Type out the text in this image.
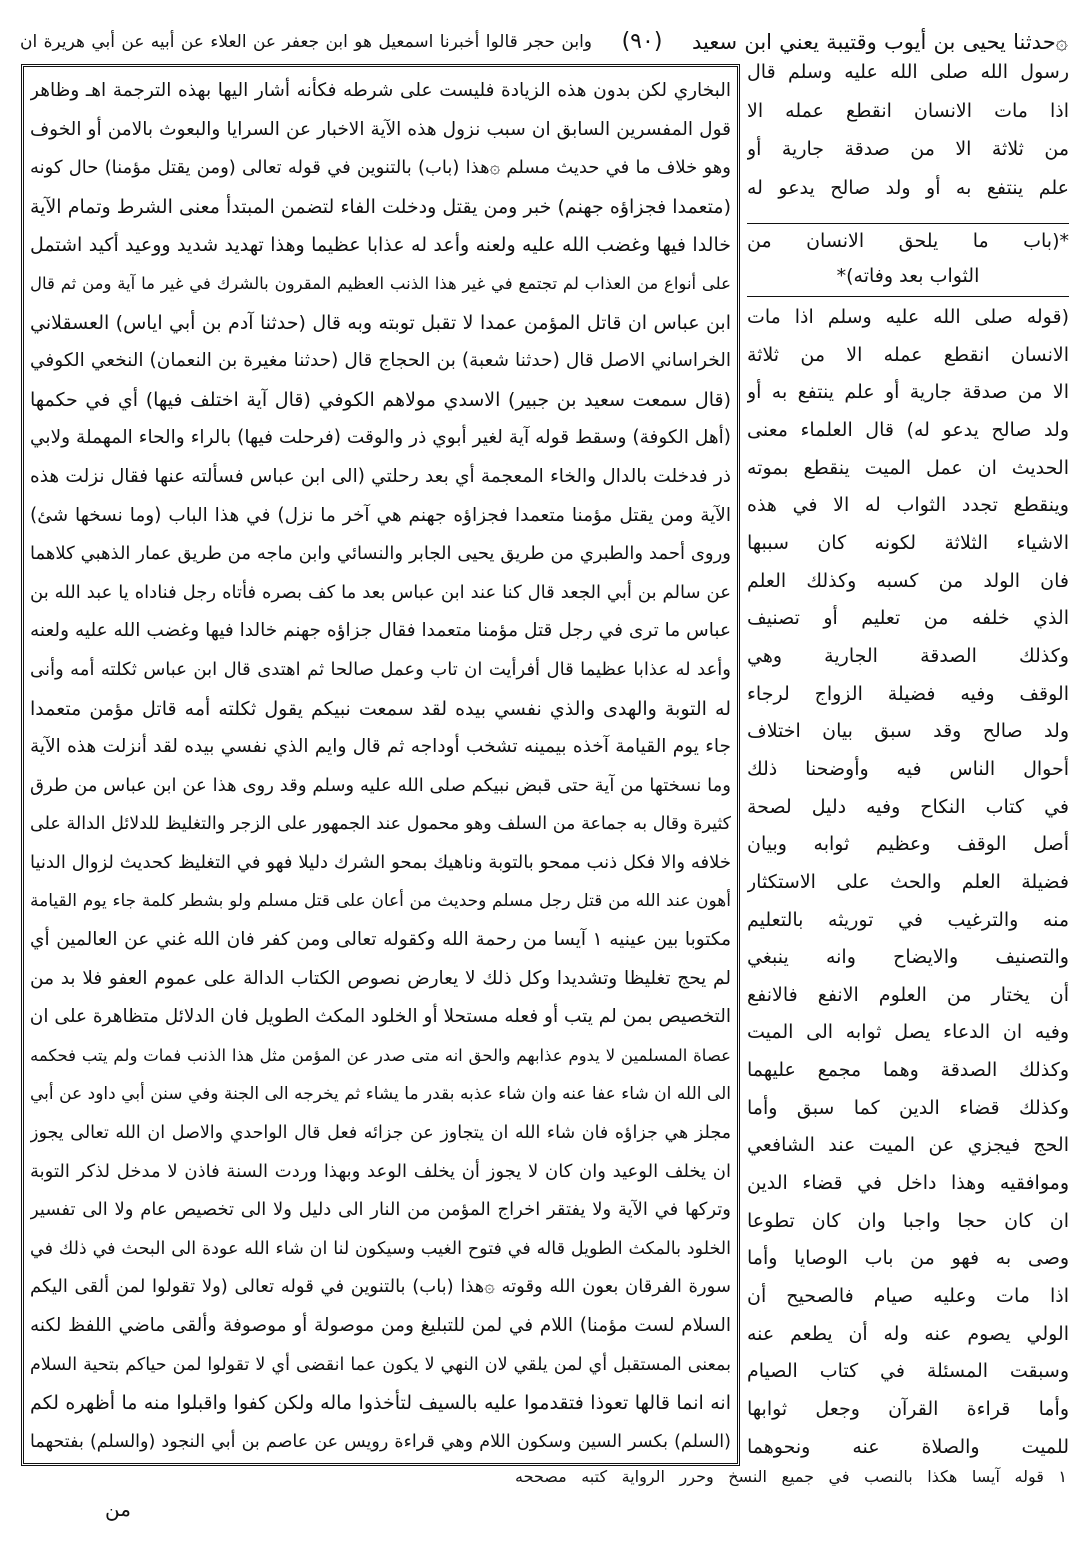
۞حدثنا يحيى بن أيوب وقتيبة يعني ابن سعيد
(٩٠)
وابن حجر قالوا أخبرنا اسمعيل هو ابن جعفر عن العلاء عن أبيه عن أبي هريرة ان
البخاري لكن بدون هذه الزيادة فليست على شرطه فكأنه أشار اليها بهذه الترجمة اهـ وظاهر
قول المفسرين السابق ان سبب نزول هذه الآية الاخبار عن السرايا والبعوث بالامن أو الخوف
وهو خلاف ما في حديث مسلم ۞هذا (باب) بالتنوين في قوله تعالى (ومن يقتل مؤمنا) حال كونه
(متعمدا فجزاؤه جهنم) خبر ومن يقتل ودخلت الفاء لتضمن المبتدأ معنى الشرط وتمام الآية
خالدا فيها وغضب الله عليه ولعنه وأعد له عذابا عظيما وهذا تهديد شديد ووعيد أكيد اشتمل
على أنواع من العذاب لم تجتمع في غير هذا الذنب العظيم المقرون بالشرك في غير ما آية ومن ثم قال
ابن عباس ان قاتل المؤمن عمدا لا تقبل توبته وبه قال (حدثنا آدم بن أبي اياس) العسقلاني
الخراساني الاصل قال (حدثنا شعبة) بن الحجاج قال (حدثنا مغيرة بن النعمان) النخعي الكوفي
(قال سمعت سعيد بن جبير) الاسدي مولاهم الكوفي (قال آية اختلف فيها) أي في حكمها
(أهل الكوفة) وسقط قوله آية لغير أبوي ذر والوقت (فرحلت فيها) بالراء والحاء المهملة ولابي
ذر فدخلت بالدال والخاء المعجمة أي بعد رحلتي (الى ابن عباس فسألته عنها فقال نزلت هذه
الآية ومن يقتل مؤمنا متعمدا فجزاؤه جهنم هي آخر ما نزل) في هذا الباب (وما نسخها شئ)
وروى أحمد والطبري من طريق يحيى الجابر والنسائي وابن ماجه من طريق عمار الذهبي كلاهما
عن سالم بن أبي الجعد قال كنا عند ابن عباس بعد ما كف بصره فأتاه رجل فناداه يا عبد الله بن
عباس ما ترى في رجل قتل مؤمنا متعمدا فقال جزاؤه جهنم خالدا فيها وغضب الله عليه ولعنه
وأعد له عذابا عظيما قال أفرأيت ان تاب وعمل صالحا ثم اهتدى قال ابن عباس ثكلته أمه وأنى
له التوبة والهدى والذي نفسي بيده لقد سمعت نبيكم يقول ثكلته أمه قاتل مؤمن متعمدا
جاء يوم القيامة آخذه بيمينه تشخب أوداجه ثم قال وايم الذي نفسي بيده لقد أنزلت هذه الآية
وما نسختها من آية حتى قبض نبيكم صلى الله عليه وسلم وقد روى هذا عن ابن عباس من طرق
كثيرة وقال به جماعة من السلف وهو محمول عند الجمهور على الزجر والتغليظ للدلائل الدالة على
خلافه والا فكل ذنب ممحو بالتوبة وناهيك بمحو الشرك دليلا فهو في التغليظ كحديث لزوال الدنيا
أهون عند الله من قتل رجل مسلم وحديث من أعان على قتل مسلم ولو بشطر كلمة جاء يوم القيامة
مكتوبا بين عينيه ١ آيسا من رحمة الله وكقوله تعالى ومن كفر فان الله غني عن العالمين أي
لم يحج تغليظا وتشديدا وكل ذلك لا يعارض نصوص الكتاب الدالة على عموم العفو فلا بد من
التخصيص بمن لم يتب أو فعله مستحلا أو الخلود المكث الطويل فان الدلائل متظاهرة على ان
عصاة المسلمين لا يدوم عذابهم والحق انه متى صدر عن المؤمن مثل هذا الذنب فمات ولم يتب فحكمه
الى الله ان شاء عفا عنه وان شاء عذبه بقدر ما يشاء ثم يخرجه الى الجنة وفي سنن أبي داود عن أبي
مجلز هي جزاؤه فان شاء الله ان يتجاوز عن جزائه فعل قال الواحدي والاصل ان الله تعالى يجوز
ان يخلف الوعيد وان كان لا يجوز أن يخلف الوعد وبهذا وردت السنة فاذن لا مدخل لذكر التوبة
وتركها في الآية ولا يفتقر اخراج المؤمن من النار الى دليل ولا الى تخصيص عام ولا الى تفسير
الخلود بالمكث الطويل قاله في فتوح الغيب وسيكون لنا ان شاء الله عودة الى البحث في ذلك في
سورة الفرقان بعون الله وقوته ۞هذا (باب) بالتنوين في قوله تعالى (ولا تقولوا لمن ألقى اليكم
السلام لست مؤمنا) اللام في لمن للتبليغ ومن موصولة أو موصوفة وألقى ماضي اللفظ لكنه
بمعنى المستقبل أي لمن يلقي لان النهي لا يكون عما انقضى أي لا تقولوا لمن حياكم بتحية السلام
انه انما قالها تعوذا فتقدموا عليه بالسيف لتأخذوا ماله ولكن كفوا واقبلوا منه ما أظهره لكم
(السلم) بكسر السين وسكون اللام وهي قراءة رويس عن عاصم بن أبي النجود (والسلم) بفتحهما
رسول الله صلى الله عليه وسلم قال
اذا مات الانسان انقطع عمله الا
من ثلاثة الا من صدقة جارية أو
علم ينتفع به أو ولد صالح يدعو له
*(باب ما يلحق الانسان من
الثواب بعد وفاته)*
(قوله صلى الله عليه وسلم اذا مات
الانسان انقطع عمله الا من ثلاثة
الا من صدقة جارية أو علم ينتفع به أو
ولد صالح يدعو له) قال العلماء معنى
الحديث ان عمل الميت ينقطع بموته
وينقطع تجدد الثواب له الا في هذه
الاشياء الثلاثة لكونه كان سببها
فان الولد من كسبه وكذلك العلم
الذي خلفه من تعليم أو تصنيف
وكذلك الصدقة الجارية وهي
الوقف وفيه فضيلة الزواج لرجاء
ولد صالح وقد سبق بيان اختلاف
أحوال الناس فيه وأوضحنا ذلك
في كتاب النكاح وفيه دليل لصحة
أصل الوقف وعظيم ثوابه وبيان
فضيلة العلم والحث على الاستكثار
منه والترغيب في توريثه بالتعليم
والتصنيف والايضاح وانه ينبغي
أن يختار من العلوم الانفع فالانفع
وفيه ان الدعاء يصل ثوابه الى الميت
وكذلك الصدقة وهما مجمع عليهما
وكذلك قضاء الدين كما سبق وأما
الحج فيجزي عن الميت عند الشافعي
وموافقيه وهذا داخل في قضاء الدين
ان كان حجا واجبا وان كان تطوعا
وصى به فهو من باب الوصايا وأما
اذا مات وعليه صيام فالصحيح أن
الولي يصوم عنه وله أن يطعم عنه
وسبقت المسئلة في كتاب الصيام
وأما قراءة القرآن وجعل ثوابها
للميت والصلاة عنه ونحوهما
١ قوله آيسا هكذا بالنصب في جميع النسخ وحرر الرواية كتبه مصححه
من
